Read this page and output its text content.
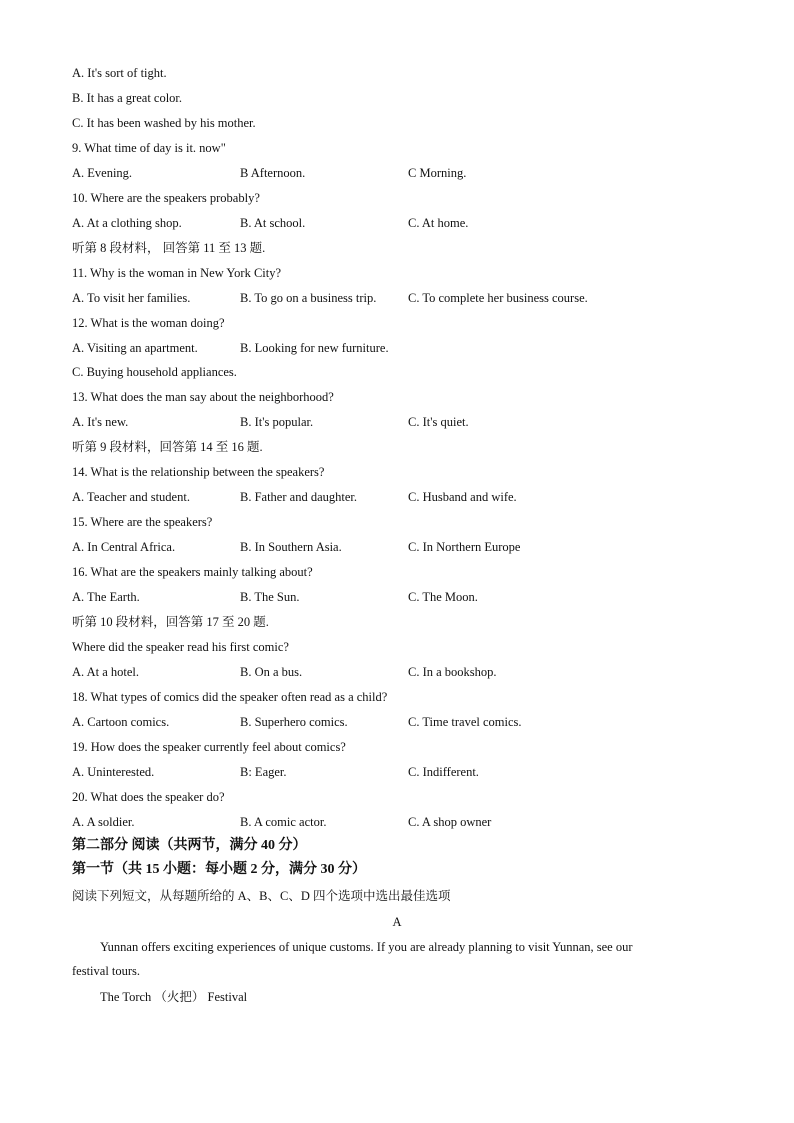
A. It's sort of tight.
B. It has a great color.
C. It has been washed by his mother.
9. What time of day is it. now"
A. Evening.	B Afternoon.	C Morning.
10. Where are the speakers probably?
A. At a clothing shop.	B. At school.	C. At home.
听第 8 段材料， 回答第 11 至 13 题.
11. Why is the woman in New York City?
A. To visit her families.	B. To go on a business trip.	C. To complete her business course.
12. What is the woman doing?
A. Visiting an apartment.	B. Looking for new furniture.
C. Buying household appliances.
13. What does the man say about the neighborhood?
A. It's new.	B. It's popular.	C. It's quiet.
听第 9 段材料，回答第 14 至 16 题.
14. What is the relationship between the speakers?
A. Teacher and student.	B. Father and daughter.	C. Husband and wife.
15. Where are the speakers?
A. In Central Africa.	B. In Southern Asia.	C. In Northern Europe
16. What are the speakers mainly talking about?
A. The Earth.	B. The Sun.	C. The Moon.
听第 10 段材料，回答第 17 至 20 题.
Where did the speaker read his first comic?
A. At a hotel.	B. On a bus.	C. In a bookshop.
18. What types of comics did the speaker often read as a child?
A. Cartoon comics.	B. Superhero comics.	C. Time travel comics.
19. How does the speaker currently feel about comics?
A. Uninterested.	B: Eager.	C. Indifferent.
20. What does the speaker do?
A. A soldier.	B. A comic actor.	C. A shop owner
第二部分 阅读（共两节，满分 40 分）
第一节（共 15 小题：每小题 2 分，满分 30 分）
阅读下列短文，从每题所给的 A、B、C、D 四个选项中选出最佳选项
A
Yunnan offers exciting experiences of unique customs. If you are already planning to visit Yunnan, see our
festival tours.
The Torch （火把） Festival
